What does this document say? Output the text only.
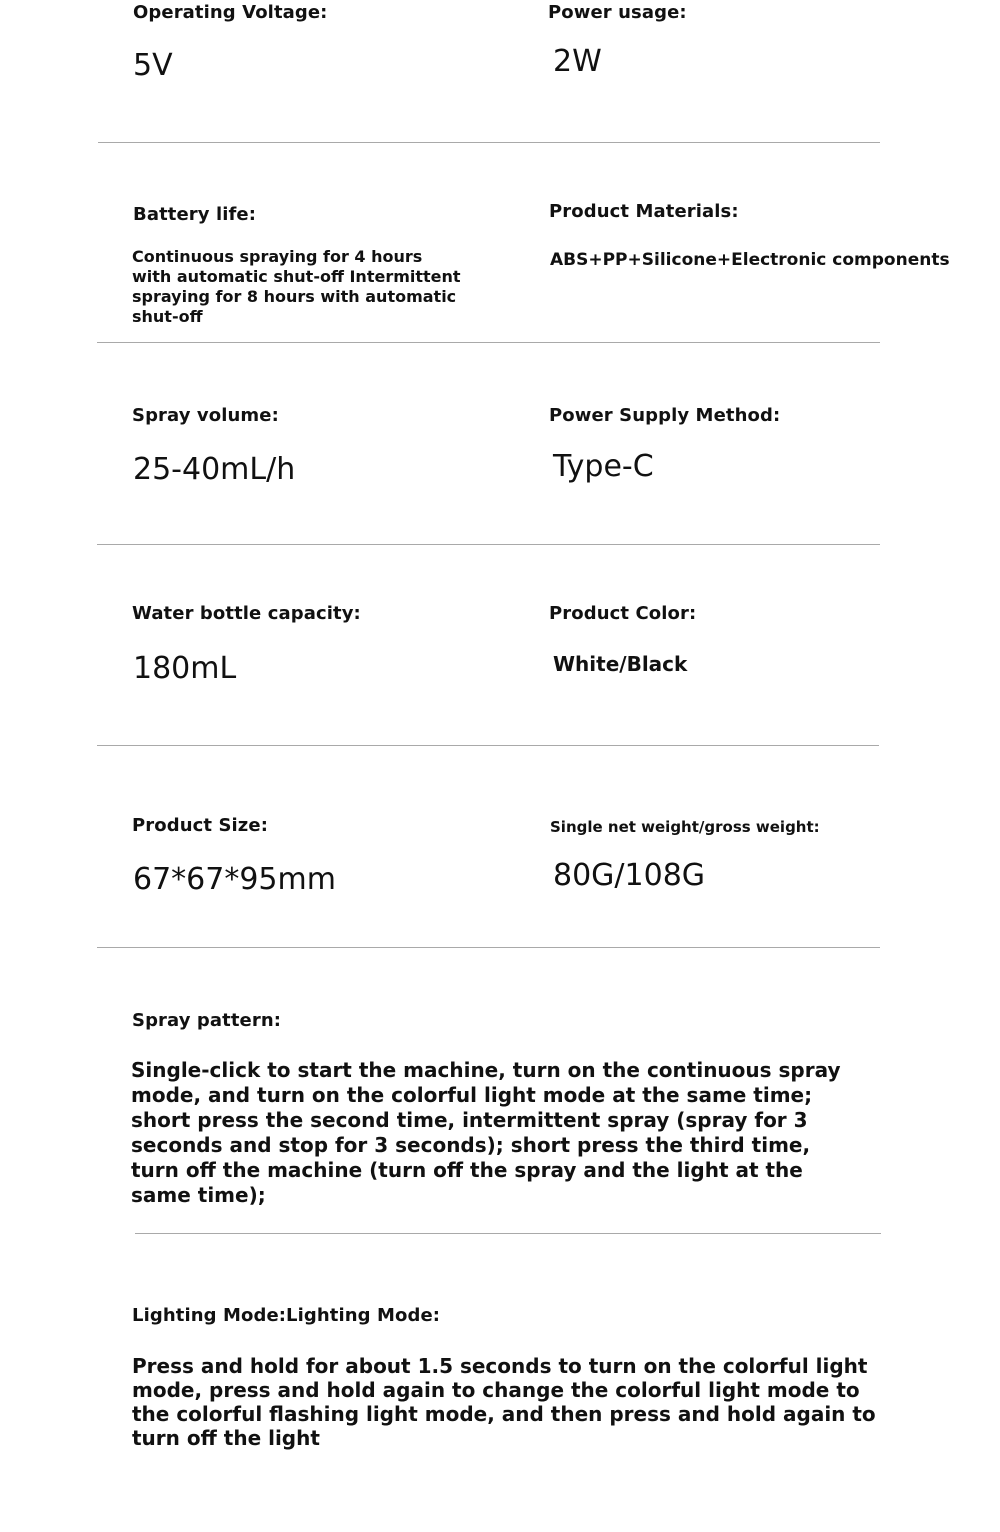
Operating Voltage:
5V
Power usage:
2W
Battery life:
Continuous spraying for 4 hours with automatic shut-off Intermittent spraying for 8 hours with automatic shut-off
Product Materials:
ABS+PP+Silicone+Electronic components
Spray volume:
25-40mL/h
Power Supply Method:
Type-C
Water bottle capacity:
180mL
Product Color:
White/Black
Product Size:
67*67*95mm
Single net weight/gross weight:
80G/108G
Spray pattern:
Single-click to start the machine, turn on the continuous spray mode, and turn on the colorful light mode at the same time; short press the second time, intermittent spray (spray for 3 seconds and stop for 3 seconds); short press the third time, turn off the machine (turn off the spray and the light at the same time);
Lighting Mode:Lighting Mode:
Press and hold for about 1.5 seconds to turn on the colorful light mode, press and hold again to change the colorful light mode to the colorful flashing light mode, and then press and hold again to turn off the light
